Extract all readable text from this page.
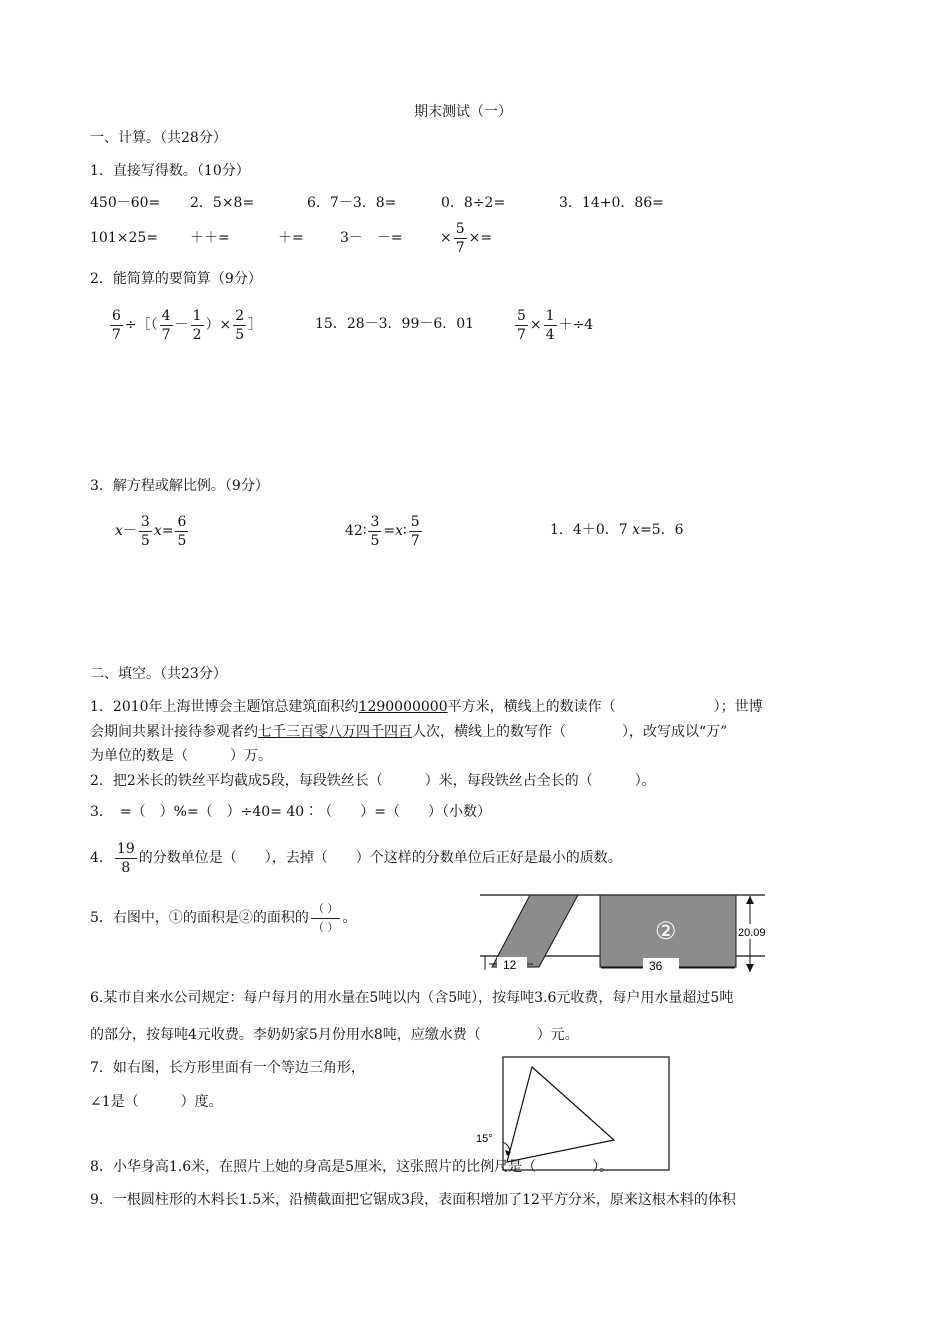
期末测试（一）
一、计算。（共28分）
1．直接写得数。（10分）
450－60= 2．5×8=	6．7－3．8=	0．8÷2=	3．14+0．86=
101×25= ＋＋=	＋=	3－　－=	× $\frac{5}{7}$ ×=
2．能简算的要简算（9分）
$\frac{6}{7}$ ÷［（ $\frac{4}{7} - \frac{1}{2}$ ）× $\frac{2}{5}$ ］	15．28－3．99－6．01	$\frac{5}{7} \times \frac{1}{4} +\div 4$
3．解方程或解比例。（9分）
$x- \frac{3}{5} x= \frac{6}{5}$	42∶ $\frac{3}{5}$ =x∶ $\frac{5}{7}$	1．4＋0．7 x=5．6
二、填空。（共23分）
1．2010年上海世博会主题馆总建筑面积约1290000000平方米，横线上的数读作（　　　　　　　）；世博
会期间共累计接待参观者约七千三百零八万四千四百人次，横线上的数写作（　　　　），改写成以“万”
为单位的数是（　　　）万。
2．把2米长的铁丝平均截成5段，每段铁丝长（　　　）米，每段铁丝占全长的（　　　）。
3．　=（　）%=（　）÷40= 40∶（　　）=（　　）（小数）
4． $\frac{19}{8}$ 的分数单位是（　　），去掉（　　）个这样的分数单位后正好是最小的质数。
5．右图中，①的面积是②的面积的
（ ）
（ ）
。
12
②
36
20.09
6.某市自来水公司规定：每户每月的用水量在5吨以内（含5吨），按每吨3.6元收费，每户用水量超过5吨
的部分，按每吨4元收费。李奶奶家5月份用水8吨，应缴水费（　　　　）元。
7．如右图，长方形里面有一个等边三角形，
∠1是（　　　）度。
15°
8．小华身高1.6米，在照片上她的身高是5厘米，这张照片的比例尺是（　　　　）。
9．一根圆柱形的木料长1.5米，沿横截面把它锯成3段，表面积增加了12平方分米，原来这根木料的体积
